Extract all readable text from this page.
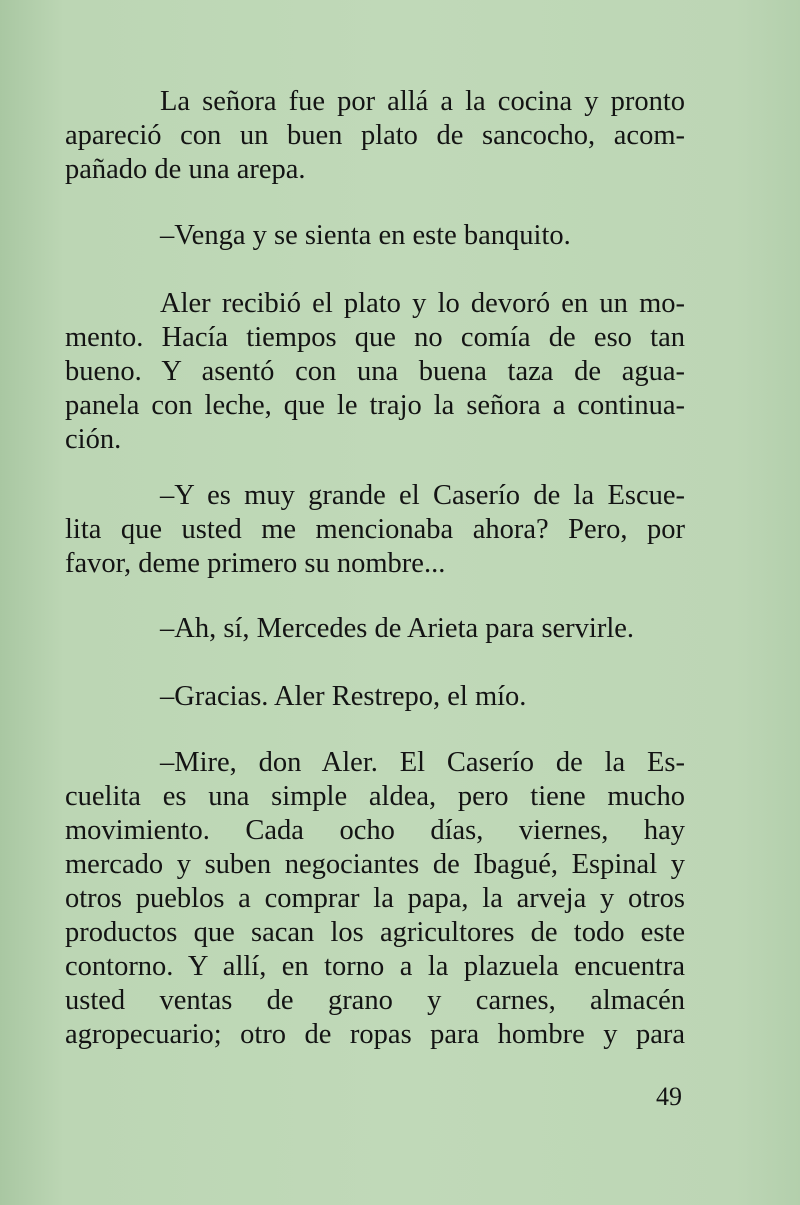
La señora fue por allá a la cocina y pronto
apareció con un buen plato de sancocho, acom-
pañado de una arepa.
–Venga y se sienta en este banquito.
Aler recibió el plato y lo devoró en un mo-
mento. Hacía tiempos que no comía de eso tan
bueno. Y asentó con una buena taza de agua-
panela con leche, que le trajo la señora a continua-
ción.
–Y es muy grande el Caserío de la Escue-
lita que usted me mencionaba ahora? Pero, por
favor, deme primero su nombre...
–Ah, sí, Mercedes de Arieta para servirle.
–Gracias. Aler Restrepo, el mío.
–Mire, don Aler. El Caserío de la Es-
cuelita es una simple aldea, pero tiene mucho
movimiento. Cada ocho días, viernes, hay
mercado y suben negociantes de Ibagué, Espinal y
otros pueblos a comprar la papa, la arveja y otros
productos que sacan los agricultores de todo este
contorno. Y allí, en torno a la plazuela encuentra
usted ventas de grano y carnes, almacén
agropecuario; otro de ropas para hombre y para
49
